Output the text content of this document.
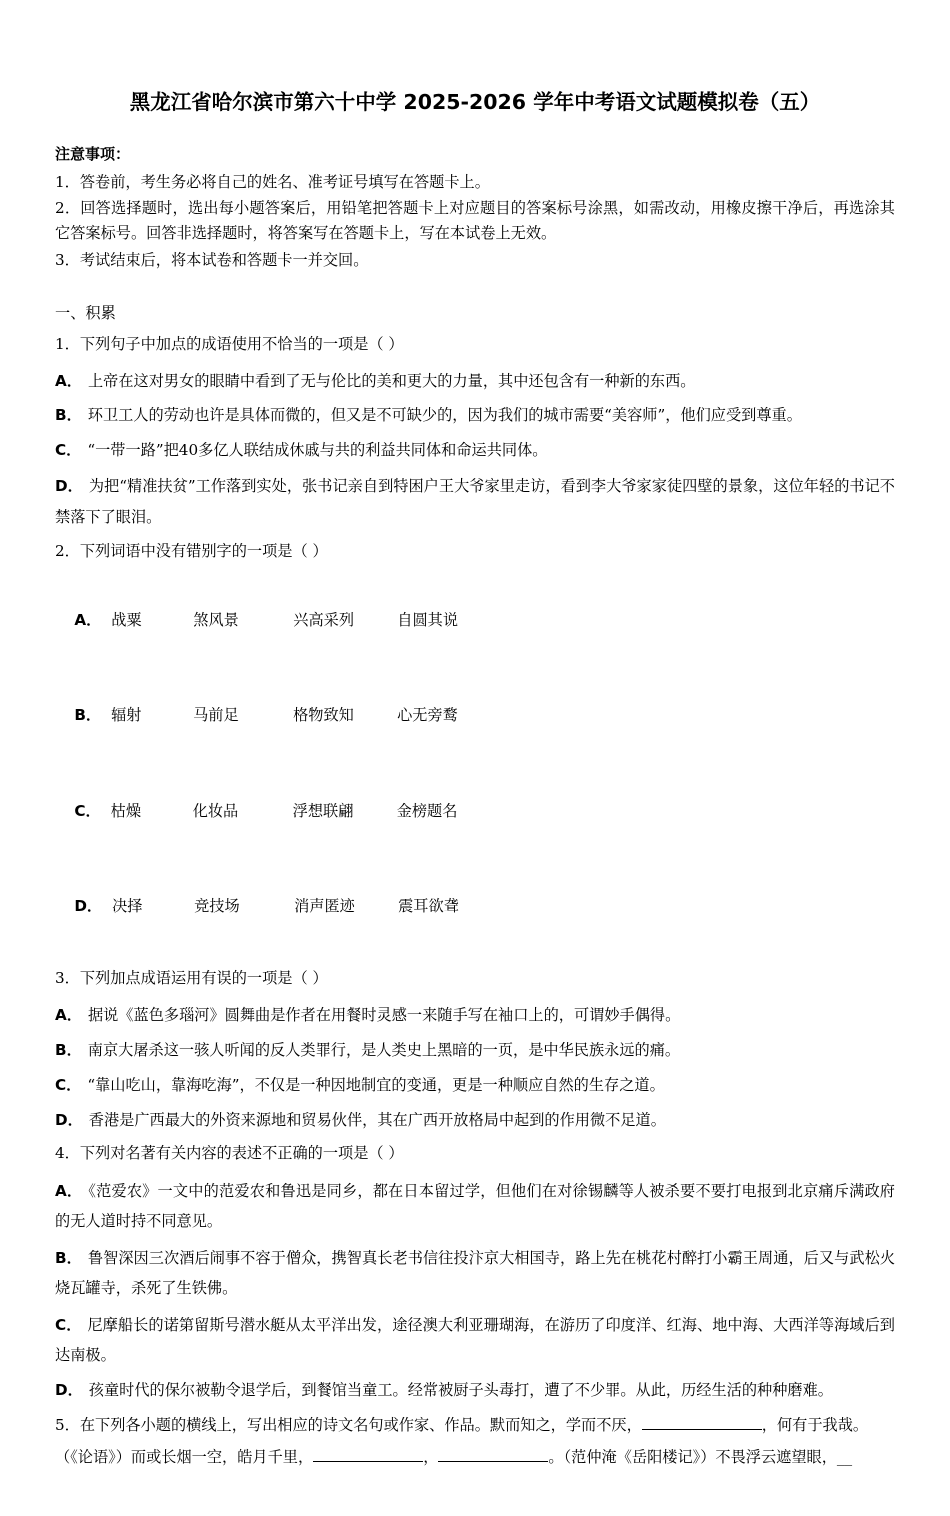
黑龙江省哈尔滨市第六十中学 2025-2026 学年中考语文试题模拟卷（五）
注意事项：

1．答卷前，考生务必将自己的姓名、准考证号填写在答题卡上。

2．回答选择题时，选出每小题答案后，用铅笔把答题卡上对应题目的答案标号涂黑，如需改动，用橡皮擦干净后，再选涂其它答案标号。回答非选择题时，将答案写在答题卡上，写在本试卷上无效。

3．考试结束后，将本试卷和答题卡一并交回。

一、积累
1．下列句子中加点的成语使用不恰当的一项是（ ）
A． 上帝在这对男女的眼睛中看到了无与伦比的美和更大的力量，其中还包含有一种新的东西。
B． 环卫工人的劳动也许是具体而微的，但又是不可缺少的，因为我们的城市需要“美容师”，他们应受到尊重。
C． “一带一路”把40多亿人联结成休戚与共的利益共同体和命运共同体。
D． 为把“精准扶贫”工作落到实处，张书记亲自到特困户王大爷家里走访，看到李大爷家家徒四壁的景象，这位年轻的书记不禁落下了眼泪。
2．下列词语中没有错别字的一项是（ ）

A． 战粟	煞风景	兴高采列	自圆其说

B． 辐射	马前足	格物致知	心无旁鹜

C． 枯燥	化妆品	浮想联翩	金榜题名

D． 决择	竞技场	消声匿迹	震耳欲聋

3．下列加点成语运用有误的一项是（ ）
A． 据说《蓝色多瑙河》圆舞曲是作者在用餐时灵感一来随手写在袖口上的，可谓妙手偶得。
B． 南京大屠杀这一骇人听闻的反人类罪行，是人类史上黑暗的一页，是中华民族永远的痛。
C． “靠山吃山，靠海吃海”，不仅是一种因地制宜的变通，更是一种顺应自然的生存之道。
D． 香港是广西最大的外资来源地和贸易伙伴，其在广西开放格局中起到的作用微不足道。
4．下列对名著有关内容的表述不正确的一项是（ ）
A． 《范爱农》一文中的范爱农和鲁迅是同乡，都在日本留过学，但他们在对徐锡麟等人被杀要不要打电报到北京痛斥满政府的无人道时持不同意见。
B． 鲁智深因三次酒后闹事不容于僧众，携智真长老书信往投汴京大相国寺，路上先在桃花村醉打小霸王周通，后又与武松火烧瓦罐寺，杀死了生铁佛。
C． 尼摩船长的诺第留斯号潜水艇从太平洋出发，途径澳大利亚珊瑚海，在游历了印度洋、红海、地中海、大西洋等海域后到达南极。
D． 孩童时代的保尔被勒令退学后，到餐馆当童工。经常被厨子头毒打，遭了不少罪。从此，历经生活的种种磨难。
5．在下列各小题的横线上，写出相应的诗文名句或作家、作品。默而知之，学而不厌，	，何有于我哉。
（《论语》）而或长烟一空，皓月千里，	，	。（范仲淹《岳阳楼记》）不畏浮云遮望眼，__
